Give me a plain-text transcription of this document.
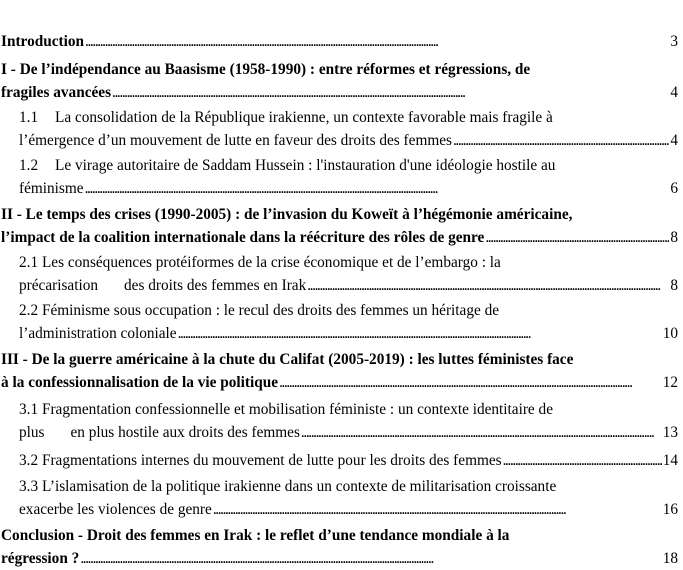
Introduction . . .	3
I - De l’indépendance au Baasisme (1958-1990) : entre réformes et régressions, de
fragiles avancées . . .	4
1.1	La consolidation de la République irakienne, un contexte favorable mais fragile à
l’émergence d’un mouvement de lutte en faveur des droits des femmes . . .	4
1.2	Le virage autoritaire de Saddam Hussein : l'instauration d'une idéologie hostile au
féminisme . . .	6
II - Le temps des crises (1990-2005) : de l’invasion du Koweït à l’hégémonie américaine,
l’impact de la coalition internationale dans la réécriture des rôles de genre . . .	8
2.1 Les conséquences protéiformes de la crise économique et de l’embargo : la
précarisation des droits des femmes en Irak . . .	8
2.2 Féminisme sous occupation : le recul des droits des femmes un héritage de
l’administration coloniale . . .	10
III - De la guerre américaine à la chute du Califat (2005-2019) : les luttes féministes face
à la confessionnalisation de la vie politique . . .	12
3.1 Fragmentation confessionnelle et mobilisation féministe : un contexte identitaire de
plus en plus hostile aux droits des femmes . . .	13
3.2 Fragmentations internes du mouvement de lutte pour les droits des femmes . . .	14
3.3 L’islamisation de la politique irakienne dans un contexte de militarisation croissante
exacerbe les violences de genre . . .	16
Conclusion - Droit des femmes en Irak : le reflet d’une tendance mondiale à la
régression ? . . .	18
